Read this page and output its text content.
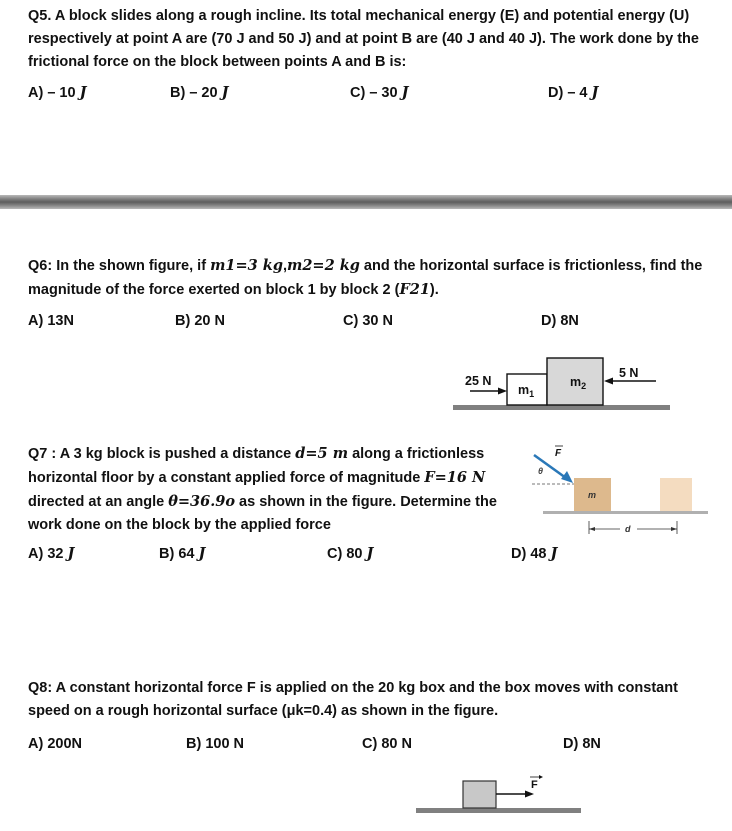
Q5. A block slides along a rough incline. Its total mechanical energy (E) and potential energy (U) respectively at point A are (70 J and 50 J) and at point B are (40 J and 40 J). The work done by the frictional force on the block between points A and B is:

A) – 10 J	B) – 20 J	C) – 30 J	D) – 4 J

Q6: In the shown figure, if m1=3 kg,m2=2 kg and the horizontal surface is frictionless, find the magnitude of the force exerted on block 1 by block 2 (F21).

A) 13N	B) 20 N	C) 30 N	D) 8N
25 N
$m_1$
$m_2$
5 N

Q7 : A 3 kg block is pushed a distance d=5 m along a frictionless horizontal floor by a constant applied force of magnitude F=16 N directed at an angle θ=36.9o as shown in the figure. Determine the work done on the block by the applied force

A) 32 J	B) 64 J	C) 80 J	D) 48 J
F
θ
m
d

Q8: A constant horizontal force F is applied on the 20 kg box and the box moves with constant speed on a rough horizontal surface (μk=0.4) as shown in the figure.

A) 200N	B) 100 N	C) 80 N	D) 8N
F
